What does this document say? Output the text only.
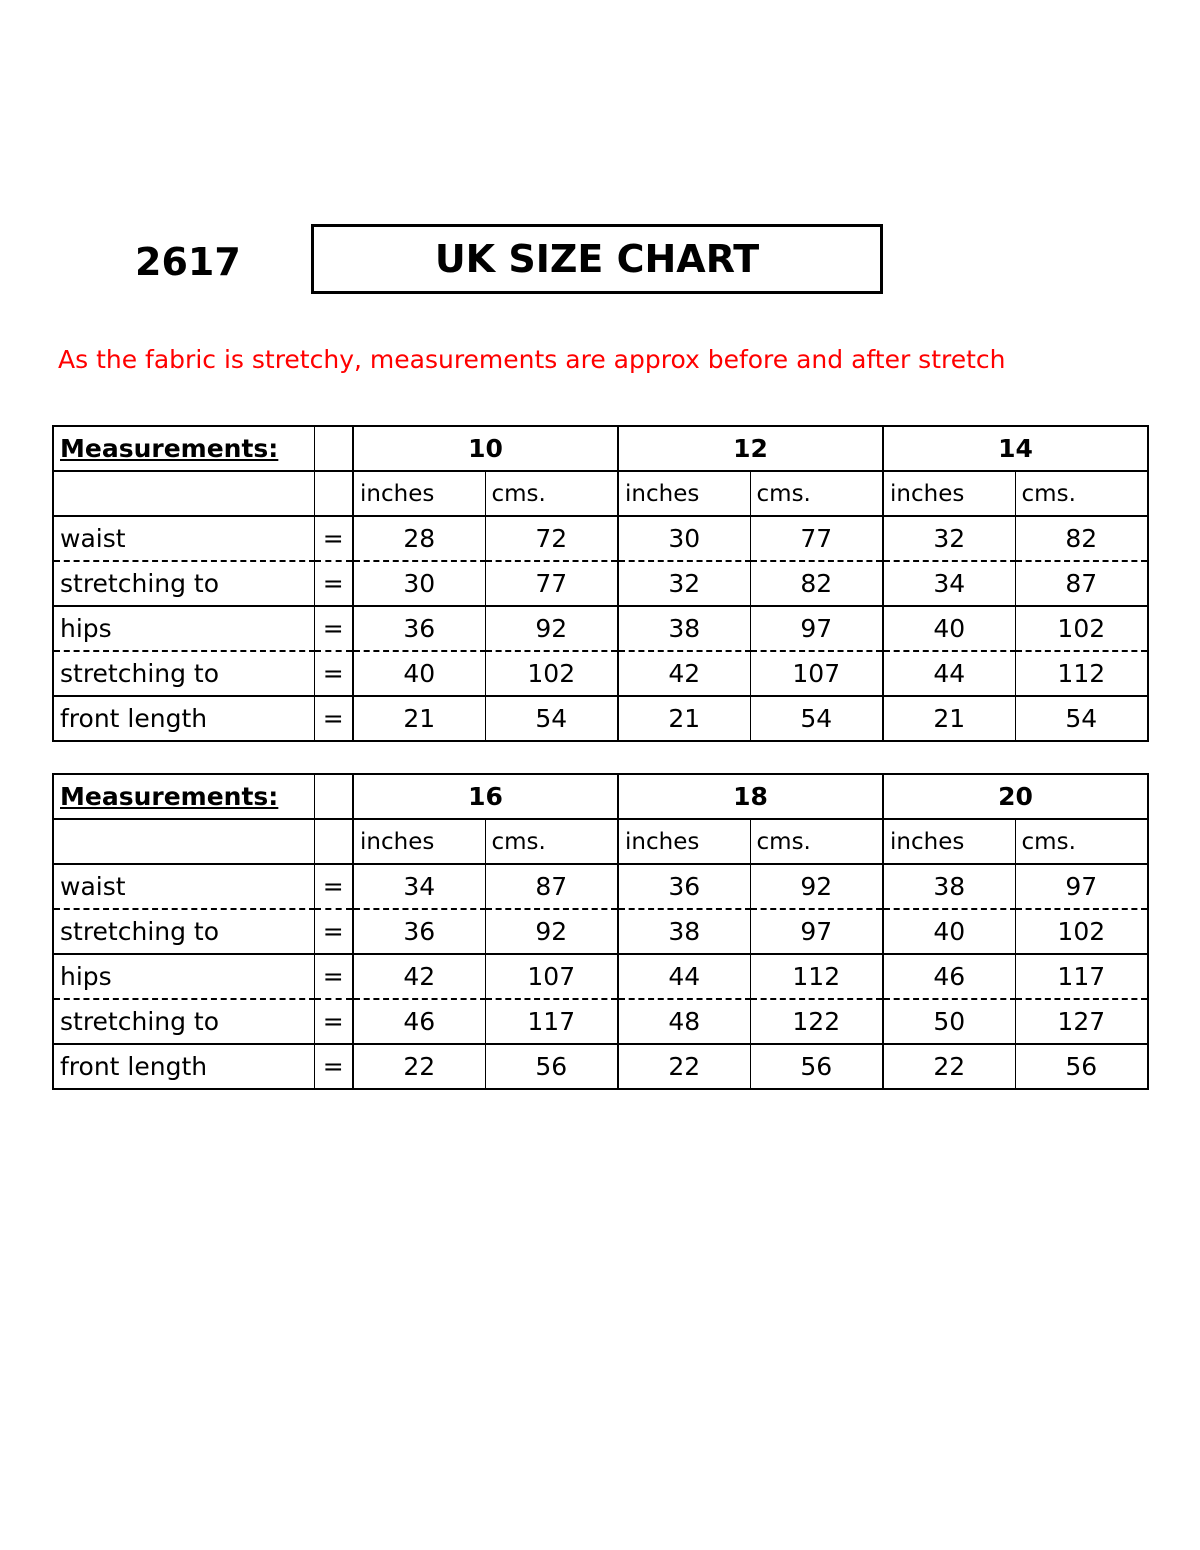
2617	UK SIZE CHART
As the fabric is stretchy, measurements are approx before and after stretch
Measurements:		10		12		14	
		inches	cms.	inches	cms.	inches	cms.
waist	=	28	72	30	77	32	82
stretching to	=	30	77	32	82	34	87
hips	=	36	92	38	97	40	102
stretching to	=	40	102	42	107	44	112
front length	=	21	54	21	54	21	54
Measurements:		16		18		20	
		inches	cms.	inches	cms.	inches	cms.
waist	=	34	87	36	92	38	97
stretching to	=	36	92	38	97	40	102
hips	=	42	107	44	112	46	117
stretching to	=	46	117	48	122	50	127
front length	=	22	56	22	56	22	56
